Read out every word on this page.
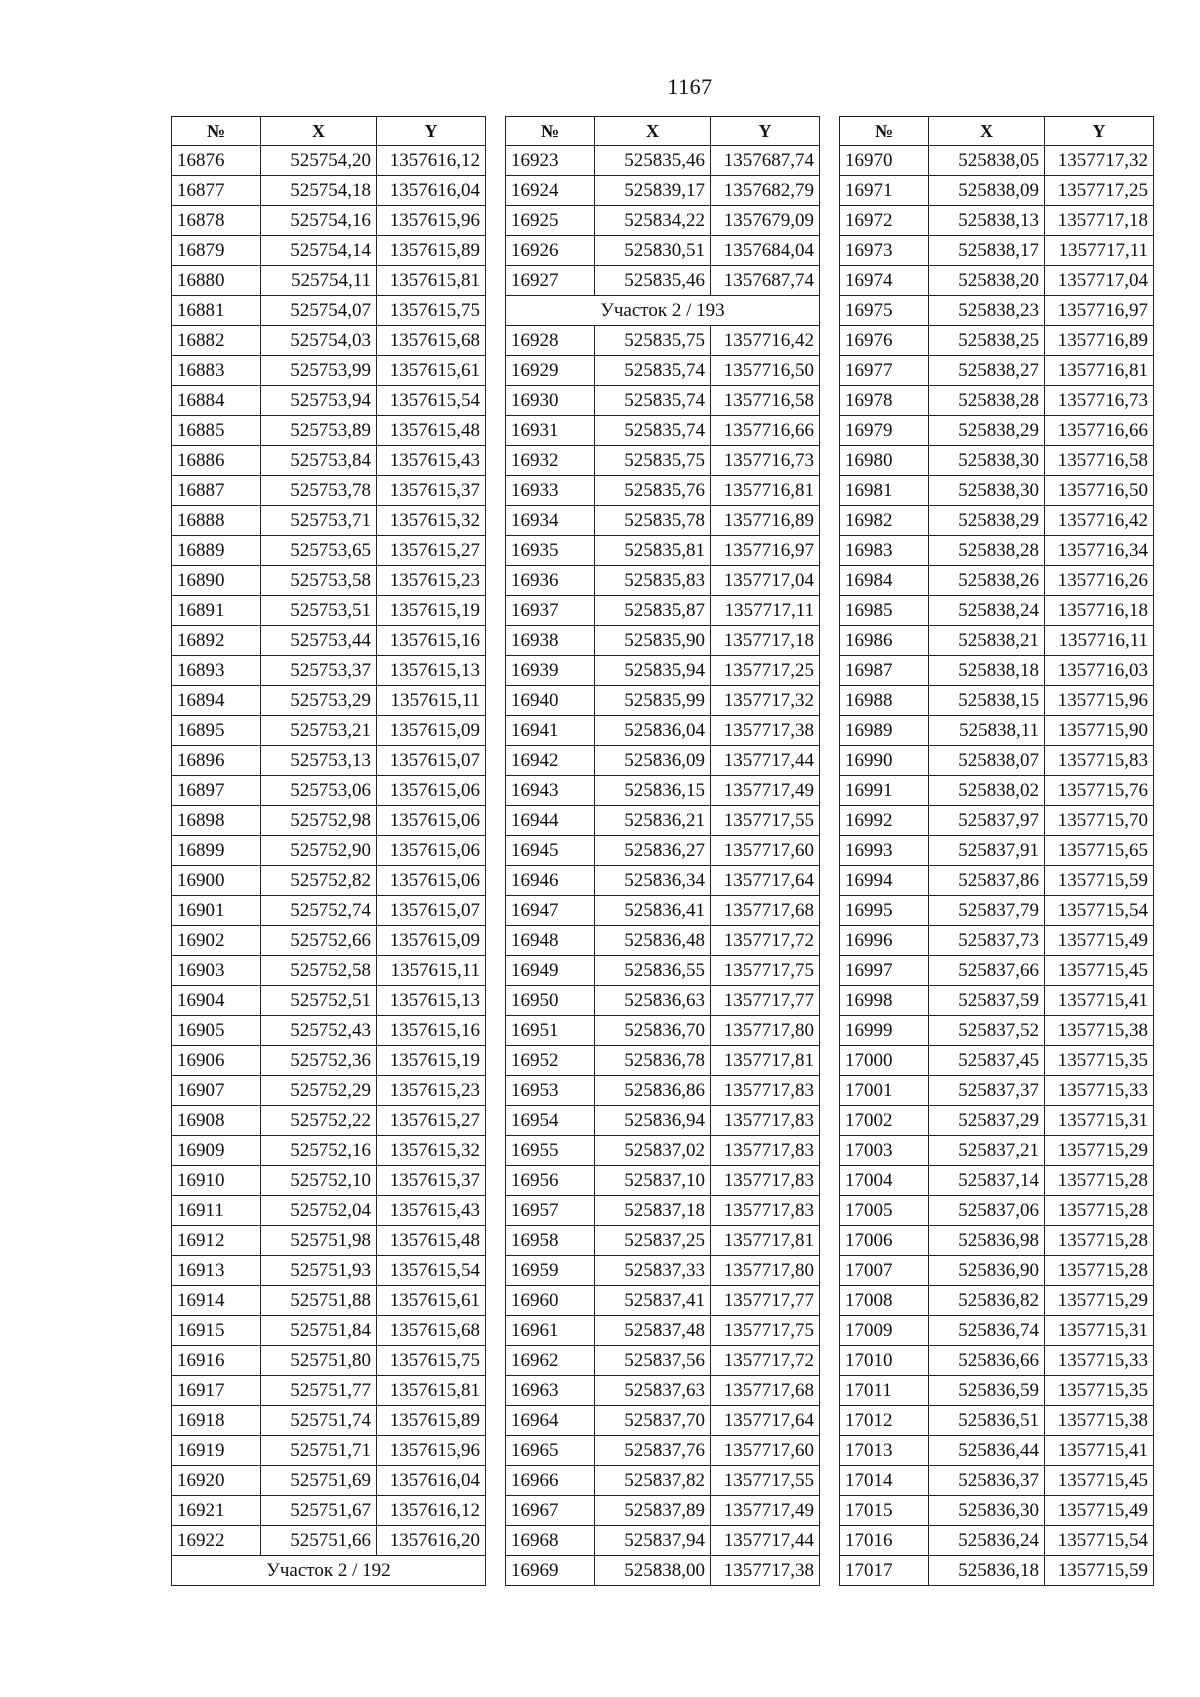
1167
№	X	Y
16876	525754,20	1357616,12
16877	525754,18	1357616,04
16878	525754,16	1357615,96
16879	525754,14	1357615,89
16880	525754,11	1357615,81
16881	525754,07	1357615,75
16882	525754,03	1357615,68
16883	525753,99	1357615,61
16884	525753,94	1357615,54
16885	525753,89	1357615,48
16886	525753,84	1357615,43
16887	525753,78	1357615,37
16888	525753,71	1357615,32
16889	525753,65	1357615,27
16890	525753,58	1357615,23
16891	525753,51	1357615,19
16892	525753,44	1357615,16
16893	525753,37	1357615,13
16894	525753,29	1357615,11
16895	525753,21	1357615,09
16896	525753,13	1357615,07
16897	525753,06	1357615,06
16898	525752,98	1357615,06
16899	525752,90	1357615,06
16900	525752,82	1357615,06
16901	525752,74	1357615,07
16902	525752,66	1357615,09
16903	525752,58	1357615,11
16904	525752,51	1357615,13
16905	525752,43	1357615,16
16906	525752,36	1357615,19
16907	525752,29	1357615,23
16908	525752,22	1357615,27
16909	525752,16	1357615,32
16910	525752,10	1357615,37
16911	525752,04	1357615,43
16912	525751,98	1357615,48
16913	525751,93	1357615,54
16914	525751,88	1357615,61
16915	525751,84	1357615,68
16916	525751,80	1357615,75
16917	525751,77	1357615,81
16918	525751,74	1357615,89
16919	525751,71	1357615,96
16920	525751,69	1357616,04
16921	525751,67	1357616,12
16922	525751,66	1357616,20
Участок 2 / 192		
№	X	Y
16923	525835,46	1357687,74
16924	525839,17	1357682,79
16925	525834,22	1357679,09
16926	525830,51	1357684,04
16927	525835,46	1357687,74
Участок 2 / 193		
16928	525835,75	1357716,42
16929	525835,74	1357716,50
16930	525835,74	1357716,58
16931	525835,74	1357716,66
16932	525835,75	1357716,73
16933	525835,76	1357716,81
16934	525835,78	1357716,89
16935	525835,81	1357716,97
16936	525835,83	1357717,04
16937	525835,87	1357717,11
16938	525835,90	1357717,18
16939	525835,94	1357717,25
16940	525835,99	1357717,32
16941	525836,04	1357717,38
16942	525836,09	1357717,44
16943	525836,15	1357717,49
16944	525836,21	1357717,55
16945	525836,27	1357717,60
16946	525836,34	1357717,64
16947	525836,41	1357717,68
16948	525836,48	1357717,72
16949	525836,55	1357717,75
16950	525836,63	1357717,77
16951	525836,70	1357717,80
16952	525836,78	1357717,81
16953	525836,86	1357717,83
16954	525836,94	1357717,83
16955	525837,02	1357717,83
16956	525837,10	1357717,83
16957	525837,18	1357717,83
16958	525837,25	1357717,81
16959	525837,33	1357717,80
16960	525837,41	1357717,77
16961	525837,48	1357717,75
16962	525837,56	1357717,72
16963	525837,63	1357717,68
16964	525837,70	1357717,64
16965	525837,76	1357717,60
16966	525837,82	1357717,55
16967	525837,89	1357717,49
16968	525837,94	1357717,44
16969	525838,00	1357717,38
№	X	Y
16970	525838,05	1357717,32
16971	525838,09	1357717,25
16972	525838,13	1357717,18
16973	525838,17	1357717,11
16974	525838,20	1357717,04
16975	525838,23	1357716,97
16976	525838,25	1357716,89
16977	525838,27	1357716,81
16978	525838,28	1357716,73
16979	525838,29	1357716,66
16980	525838,30	1357716,58
16981	525838,30	1357716,50
16982	525838,29	1357716,42
16983	525838,28	1357716,34
16984	525838,26	1357716,26
16985	525838,24	1357716,18
16986	525838,21	1357716,11
16987	525838,18	1357716,03
16988	525838,15	1357715,96
16989	525838,11	1357715,90
16990	525838,07	1357715,83
16991	525838,02	1357715,76
16992	525837,97	1357715,70
16993	525837,91	1357715,65
16994	525837,86	1357715,59
16995	525837,79	1357715,54
16996	525837,73	1357715,49
16997	525837,66	1357715,45
16998	525837,59	1357715,41
16999	525837,52	1357715,38
17000	525837,45	1357715,35
17001	525837,37	1357715,33
17002	525837,29	1357715,31
17003	525837,21	1357715,29
17004	525837,14	1357715,28
17005	525837,06	1357715,28
17006	525836,98	1357715,28
17007	525836,90	1357715,28
17008	525836,82	1357715,29
17009	525836,74	1357715,31
17010	525836,66	1357715,33
17011	525836,59	1357715,35
17012	525836,51	1357715,38
17013	525836,44	1357715,41
17014	525836,37	1357715,45
17015	525836,30	1357715,49
17016	525836,24	1357715,54
17017	525836,18	1357715,59
